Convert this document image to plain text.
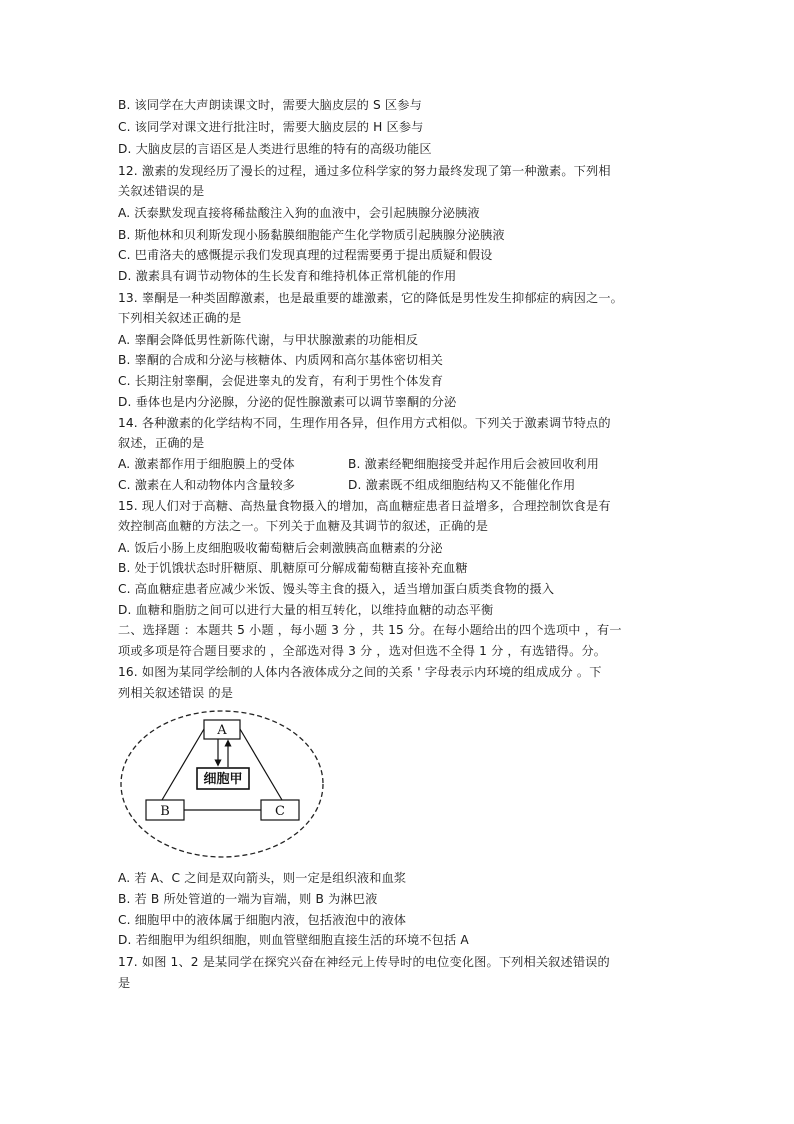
B. 该同学在大声朗读课文时，需要大脑皮层的 S 区参与
C. 该同学对课文进行批注时，需要大脑皮层的 H 区参与
D. 大脑皮层的言语区是人类进行思维的特有的高级功能区
12. 激素的发现经历了漫长的过程，通过多位科学家的努力最终发现了第一种激素。下列相
关叙述错误的是
A. 沃泰默发现直接将稀盐酸注入狗的血液中，会引起胰腺分泌胰液
B. 斯他林和贝利斯发现小肠黏膜细胞能产生化学物质引起胰腺分泌胰液
C. 巴甫洛夫的感慨提示我们发现真理的过程需要勇于提出质疑和假设
D. 激素具有调节动物体的生长发育和维持机体正常机能的作用
13. 睾酮是一种类固醇激素，也是最重要的雄激素，它的降低是男性发生抑郁症的病因之一。
下列相关叙述正确的是
A. 睾酮会降低男性新陈代谢，与甲状腺激素的功能相反
B. 睾酮的合成和分泌与核糖体、内质网和高尔基体密切相关
C. 长期注射睾酮，会促进睾丸的发育，有利于男性个体发育
D. 垂体也是内分泌腺，分泌的促性腺激素可以调节睾酮的分泌
14. 各种激素的化学结构不同，生理作用各异，但作用方式相似。下列关于激素调节特点的
叙述，正确的是
A. 激素都作用于细胞膜上的受体	B. 激素经靶细胞接受并起作用后会被回收利用
C. 激素在人和动物体内含量较多	D. 激素既不组成细胞结构又不能催化作用
15. 现人们对于高糖、高热量食物摄入的增加，高血糖症患者日益增多，合理控制饮食是有
效控制高血糖的方法之一。下列关于血糖及其调节的叙述，正确的是
A. 饭后小肠上皮细胞吸收葡萄糖后会刺激胰高血糖素的分泌
B. 处于饥饿状态时肝糖原、肌糖原可分解成葡萄糖直接补充血糖
C. 高血糖症患者应减少米饭、馒头等主食的摄入，适当增加蛋白质类食物的摄入
D. 血糖和脂肪之间可以进行大量的相互转化，以维持血糖的动态平衡
二、选择题 ：本题共 5 小题 ，每小题 3 分 ，共 15 分。在每小题给出的四个选项中 ，有一
项或多项是符合题目要求的 ，全部选对得 3 分 ，选对但选不全得 1 分 ，有选错得。分。
16. 如图为某同学绘制的人体内各液体成分之间的关系 ' 字母表示内环境的组成成分 。下
列相关叙述错误 的是
A
细胞甲
B	C
A. 若 A、C 之间是双向箭头，则一定是组织液和血浆
B. 若 B 所处管道的一端为盲端，则 B 为淋巴液
C. 细胞甲中的液体属于细胞内液，包括液泡中的液体
D. 若细胞甲为组织细胞，则血管壁细胞直接生活的环境不包括 A
17. 如图 1、2 是某同学在探究兴奋在神经元上传导时的电位变化图。下列相关叙述错误的
是
